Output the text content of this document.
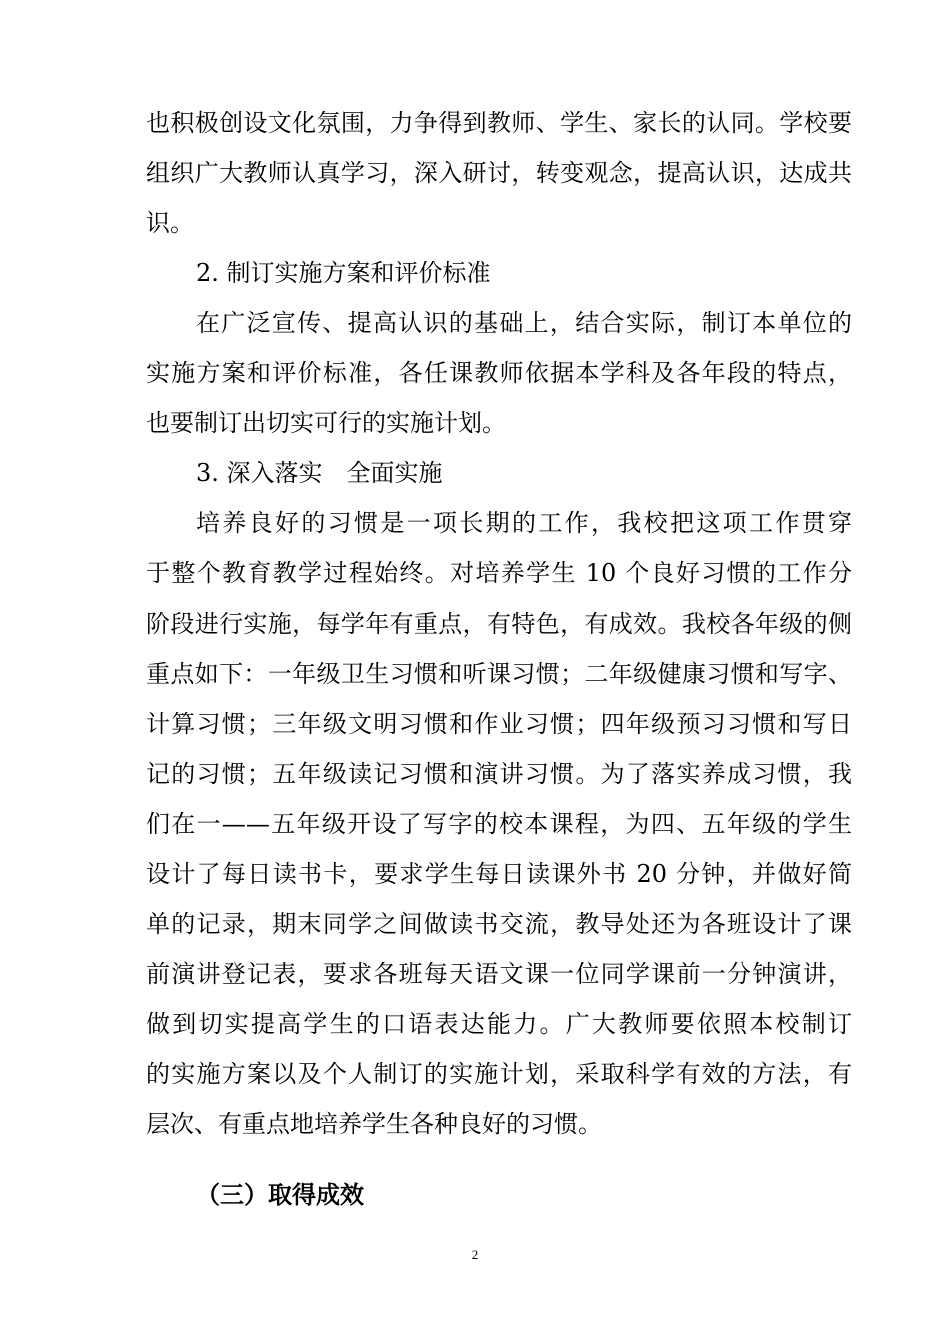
也积极创设文化氛围，力争得到教师、学生、家长的认同。学校要
组织广大教师认真学习，深入研讨，转变观念，提高认识，达成共
识。
2. 制订实施方案和评价标准
在广泛宣传、提高认识的基础上，结合实际，制订本单位的
实施方案和评价标准，各任课教师依据本学科及各年段的特点，
也要制订出切实可行的实施计划。
3. 深入落实　全面实施
培养良好的习惯是一项长期的工作，我校把这项工作贯穿
于整个教育教学过程始终。对培养学生 10 个良好习惯的工作分
阶段进行实施，每学年有重点，有特色，有成效。我校各年级的侧
重点如下：一年级卫生习惯和听课习惯；二年级健康习惯和写字、
计算习惯；三年级文明习惯和作业习惯；四年级预习习惯和写日
记的习惯；五年级读记习惯和演讲习惯。为了落实养成习惯，我
们在一——五年级开设了写字的校本课程，为四、五年级的学生
设计了每日读书卡，要求学生每日读课外书 20 分钟，并做好简
单的记录，期末同学之间做读书交流，教导处还为各班设计了课
前演讲登记表，要求各班每天语文课一位同学课前一分钟演讲，
做到切实提高学生的口语表达能力。广大教师要依照本校制订
的实施方案以及个人制订的实施计划，采取科学有效的方法，有
层次、有重点地培养学生各种良好的习惯。
（三）取得成效
2
